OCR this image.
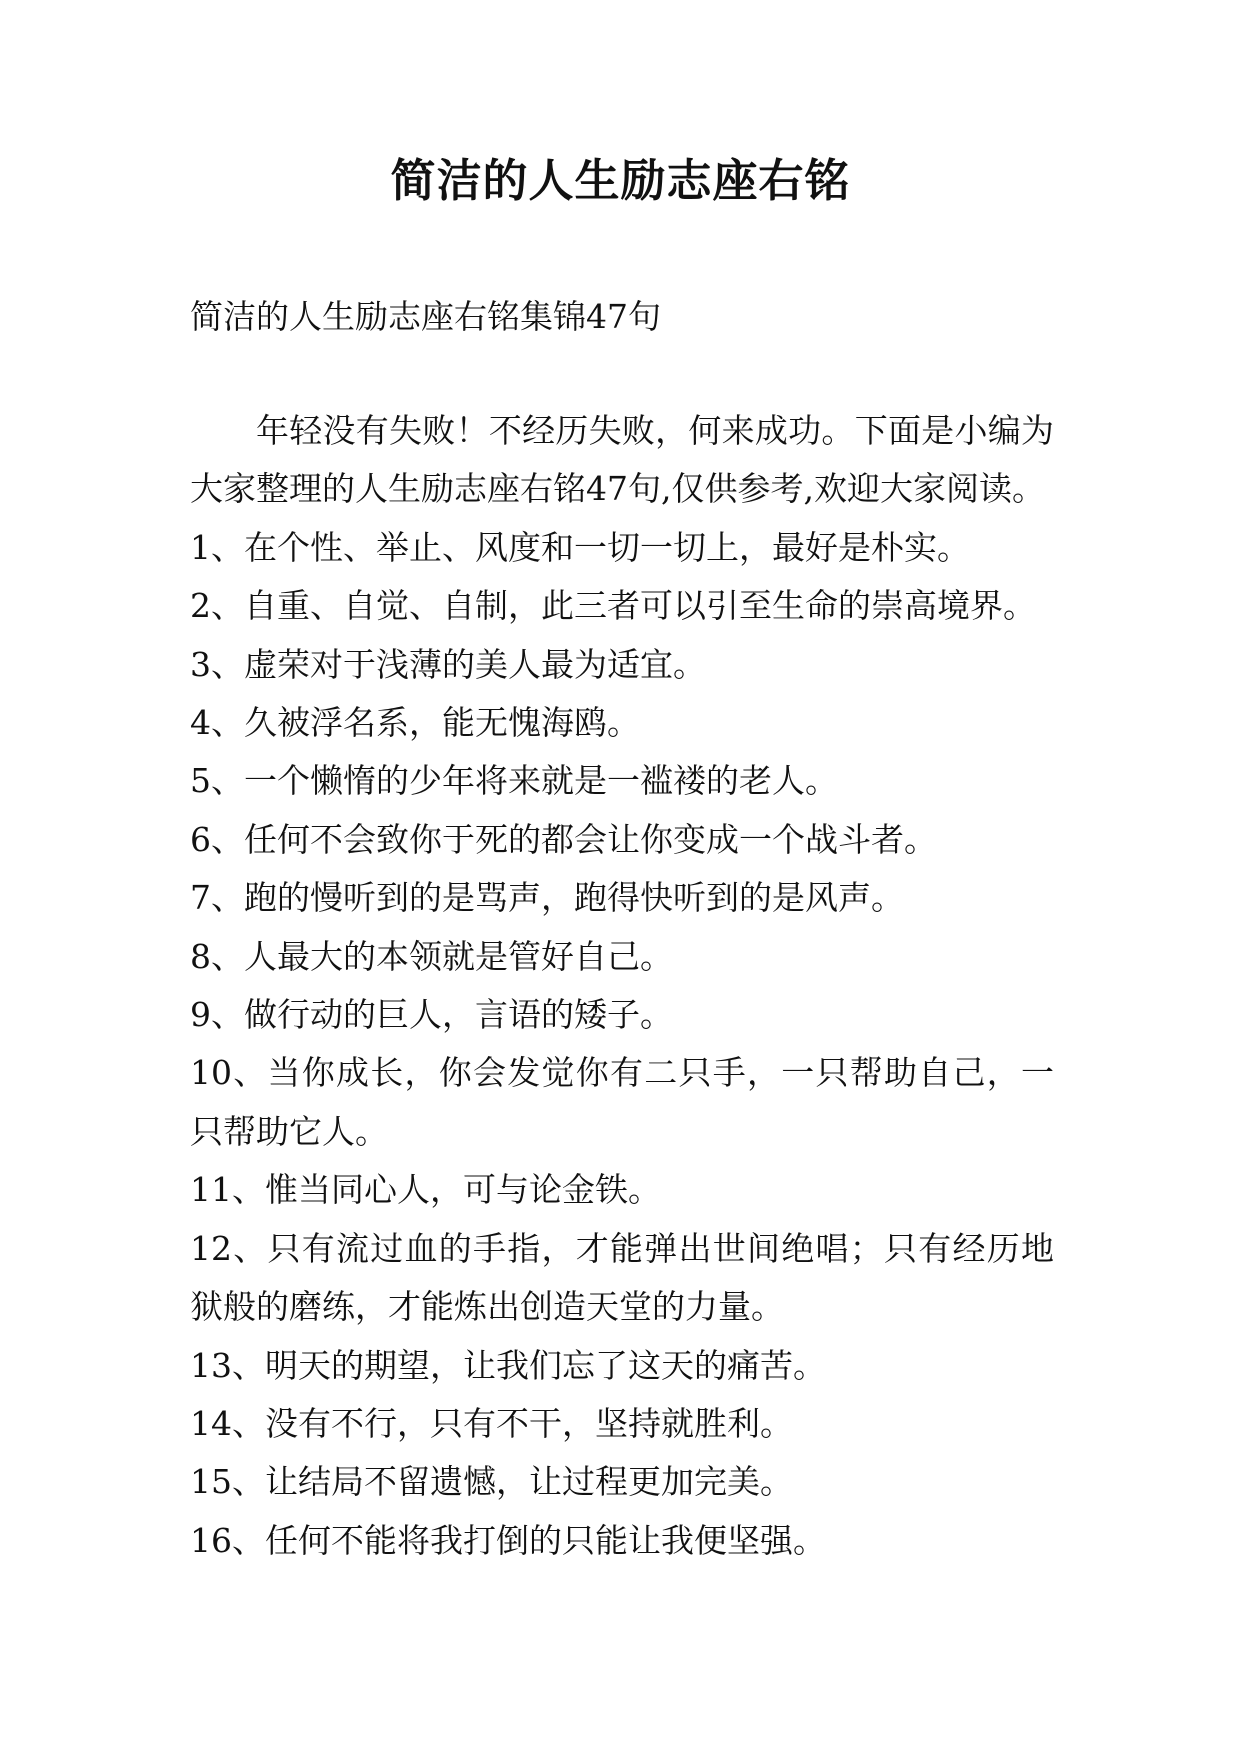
简洁的人生励志座右铭
简洁的人生励志座右铭集锦47句

年轻没有失败！不经历失败，何来成功。下面是小编为大家整理的人生励志座右铭47句,仅供参考,欢迎大家阅读。

1、在个性、举止、风度和一切一切上，最好是朴实。

2、自重、自觉、自制，此三者可以引至生命的崇高境界。

3、虚荣对于浅薄的美人最为适宜。

4、久被浮名系，能无愧海鸥。

5、一个懒惰的少年将来就是一褴褛的老人。

6、任何不会致你于死的都会让你变成一个战斗者。

7、跑的慢听到的是骂声，跑得快听到的是风声。

8、人最大的本领就是管好自己。

9、做行动的巨人，言语的矮子。

10、当你成长，你会发觉你有二只手，一只帮助自己，一只帮助它人。

11、惟当同心人，可与论金铁。

12、只有流过血的手指，才能弹出世间绝唱；只有经历地狱般的磨练，才能炼出创造天堂的力量。

13、明天的期望，让我们忘了这天的痛苦。

14、没有不行，只有不干，坚持就胜利。

15、让结局不留遗憾，让过程更加完美。

16、任何不能将我打倒的只能让我便坚强。
